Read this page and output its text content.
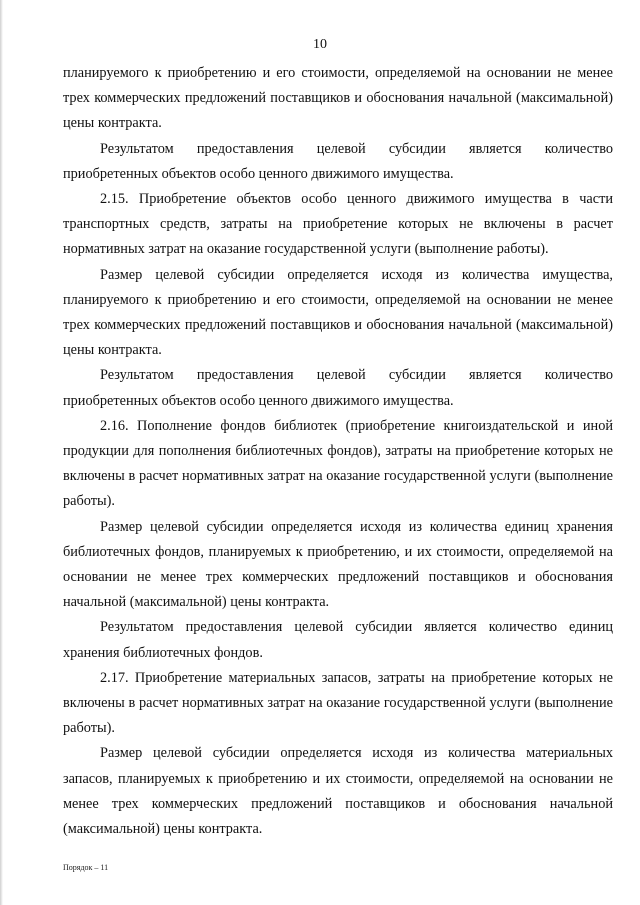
10

планируемого к приобретению и его стоимости, определяемой на основании не менее трех коммерческих предложений поставщиков и обоснования начальной (максимальной) цены контракта.

Результатом предоставления целевой субсидии является количество приобретенных объектов особо ценного движимого имущества.

2.15. Приобретение объектов особо ценного движимого имущества в части транспортных средств, затраты на приобретение которых не включены в расчет нормативных затрат на оказание государственной услуги (выполнение работы).

Размер целевой субсидии определяется исходя из количества имущества, планируемого к приобретению и его стоимости, определяемой на основании не менее трех коммерческих предложений поставщиков и обоснования начальной (максимальной) цены контракта.

Результатом предоставления целевой субсидии является количество приобретенных объектов особо ценного движимого имущества.

2.16. Пополнение фондов библиотек (приобретение книгоиздательской и иной продукции для пополнения библиотечных фондов), затраты на приобретение которых не включены в расчет нормативных затрат на оказание государственной услуги (выполнение работы).

Размер целевой субсидии определяется исходя из количества единиц хранения библиотечных фондов, планируемых к приобретению, и их стоимости, определяемой на основании не менее трех коммерческих предложений поставщиков и обоснования начальной (максимальной) цены контракта.

Результатом предоставления целевой субсидии является количество единиц хранения библиотечных фондов.

2.17. Приобретение материальных запасов, затраты на приобретение которых не включены в расчет нормативных затрат на оказание государственной услуги (выполнение работы).

Размер целевой субсидии определяется исходя из количества материальных запасов, планируемых к приобретению и их стоимости, определяемой на основании не менее трех коммерческих предложений поставщиков и обоснования начальной (максимальной) цены контракта.

Порядок – 11
